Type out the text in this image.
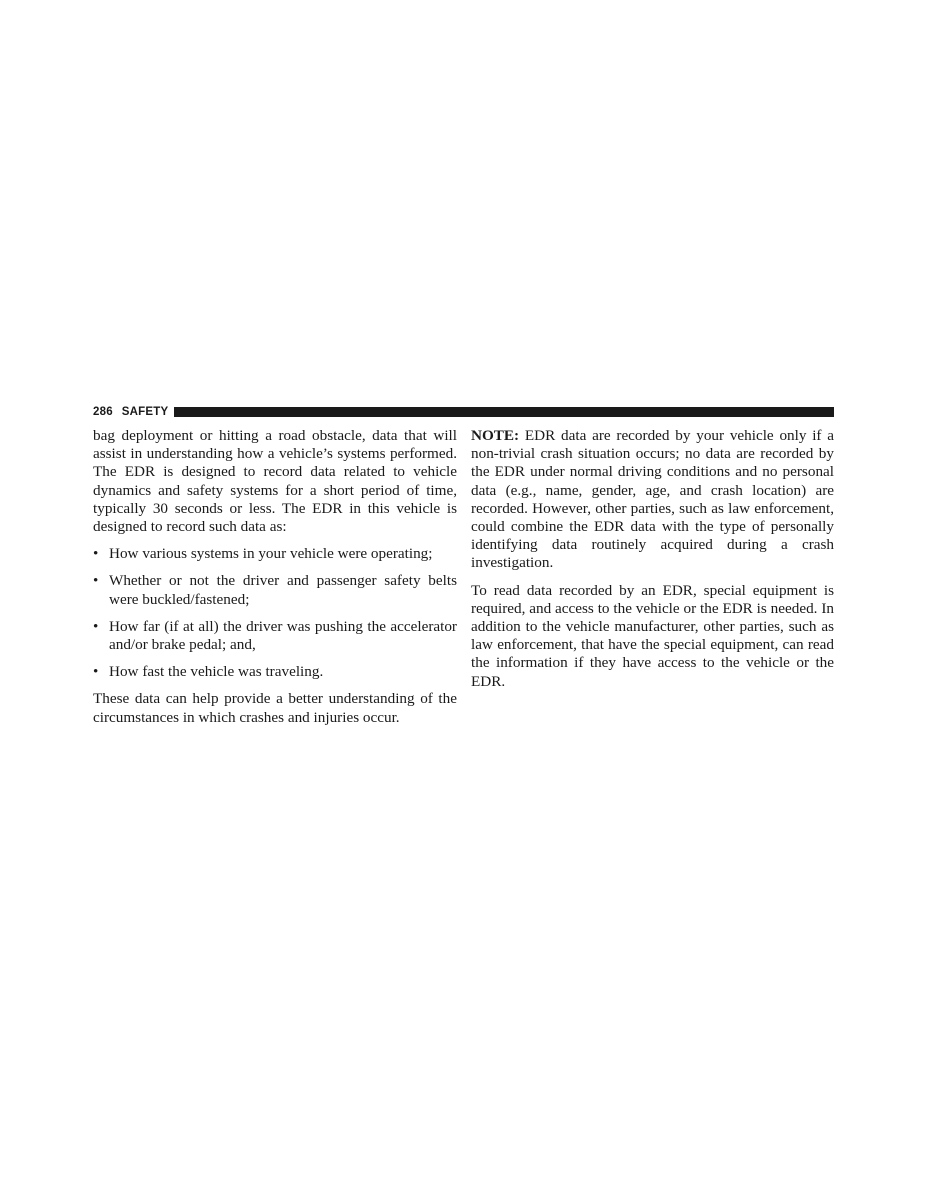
286 SAFETY

bag deployment or hitting a road obstacle, data that will assist in understanding how a vehicle’s systems performed. The EDR is designed to record data related to vehicle dynamics and safety systems for a short period of time, typically 30 seconds or less. The EDR in this vehicle is designed to record such data as:

• How various systems in your vehicle were operating;
• Whether or not the driver and passenger safety belts were buckled/fastened;
• How far (if at all) the driver was pushing the accelerator and/or brake pedal; and,
• How fast the vehicle was traveling.

These data can help provide a better understanding of the circumstances in which crashes and injuries occur.

NOTE: EDR data are recorded by your vehicle only if a non-trivial crash situation occurs; no data are recorded by the EDR under normal driving conditions and no personal data (e.g., name, gender, age, and crash location) are recorded. However, other parties, such as law enforcement, could combine the EDR data with the type of personally identifying data routinely acquired during a crash investigation.

To read data recorded by an EDR, special equipment is required, and access to the vehicle or the EDR is needed. In addition to the vehicle manufacturer, other parties, such as law enforcement, that have the special equipment, can read the information if they have access to the vehicle or the EDR.
